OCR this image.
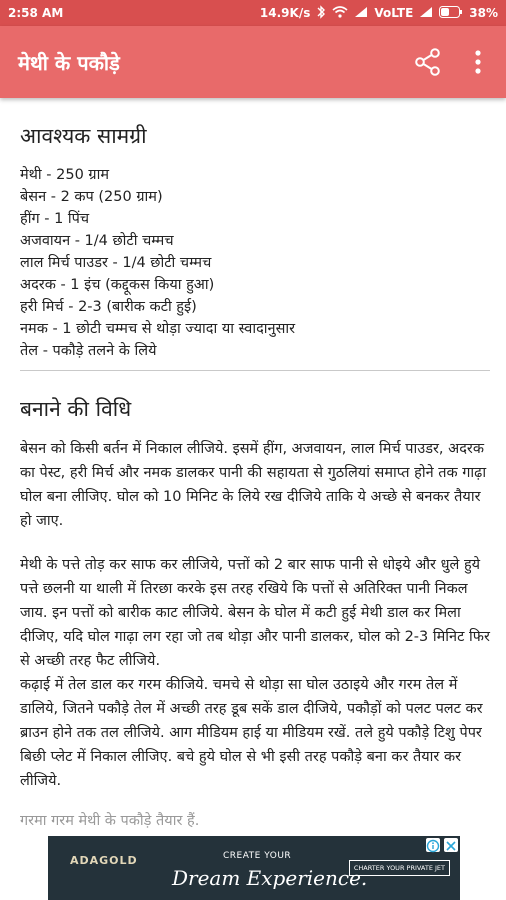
2:58 AM	14.9K/s	VoLTE	38%
मेथी के पकौड़े
आवश्यक सामग्री
मेथी - 250 ग्राम
बेसन - 2 कप (250 ग्राम)
हींग - 1 पिंच
अजवायन - 1/4 छोटी चम्मच
लाल मिर्च पाउडर - 1/4 छोटी चम्मच
अदरक - 1 इंच (कद्दूकस किया हुआ)
हरी मिर्च - 2-3 (बारीक कटी हुई)
नमक - 1 छोटी चम्मच से थोड़ा ज्यादा या स्वादानुसार
तेल - पकौड़े तलने के लिये
बनाने की विधि

बेसन को किसी बर्तन में निकाल लीजिये. इसमें हींग, अजवायन, लाल मिर्च पाउडर, अदरक का पेस्ट, हरी मिर्च और नमक डालकर पानी की सहायता से गुठलियां समाप्त होने तक गाढ़ा घोल बना लीजिए. घोल को 10 मिनिट के लिये रख दीजिये ताकि ये अच्छे से बनकर तैयार हो जाए.

मेथी के पत्ते तोड़ कर साफ कर लीजिये, पत्तों को 2 बार साफ पानी से धोइये और धुले हुये पत्ते छलनी या थाली में तिरछा करके इस तरह रखिये कि पत्तों से अतिरिक्त पानी निकल जाय. इन पत्तों को बारीक काट लीजिये. बेसन के घोल में कटी हुई मेथी डाल कर मिला दीजिए, यदि घोल गाढ़ा लग रहा जो तब थोड़ा और पानी डालकर, घोल को 2-3 मिनिट फिर से अच्छी तरह फैट लीजिये.

कढ़ाई में तेल डाल कर गरम कीजिये. चमचे से थोड़ा सा घोल उठाइये और गरम तेल में डालिये, जितने पकौड़े तेल में अच्छी तरह डूब सकें डाल दीजिये, पकौड़ों को पलट पलट कर ब्राउन होने तक तल लीजिये. आग मीडियम हाई या मीडियम रखें. तले हुये पकौड़े टिशु पेपर बिछी प्लेट में निकाल लीजिए. बचे हुये घोल से भी इसी तरह पकौड़े बना कर तैयार कर लीजिये.

गरमा गरम मेथी के पकौड़े तैयार हैं.

ADAGOLD	CREATE YOUR
Dream Experience.
CHARTER YOUR PRIVATE JET
